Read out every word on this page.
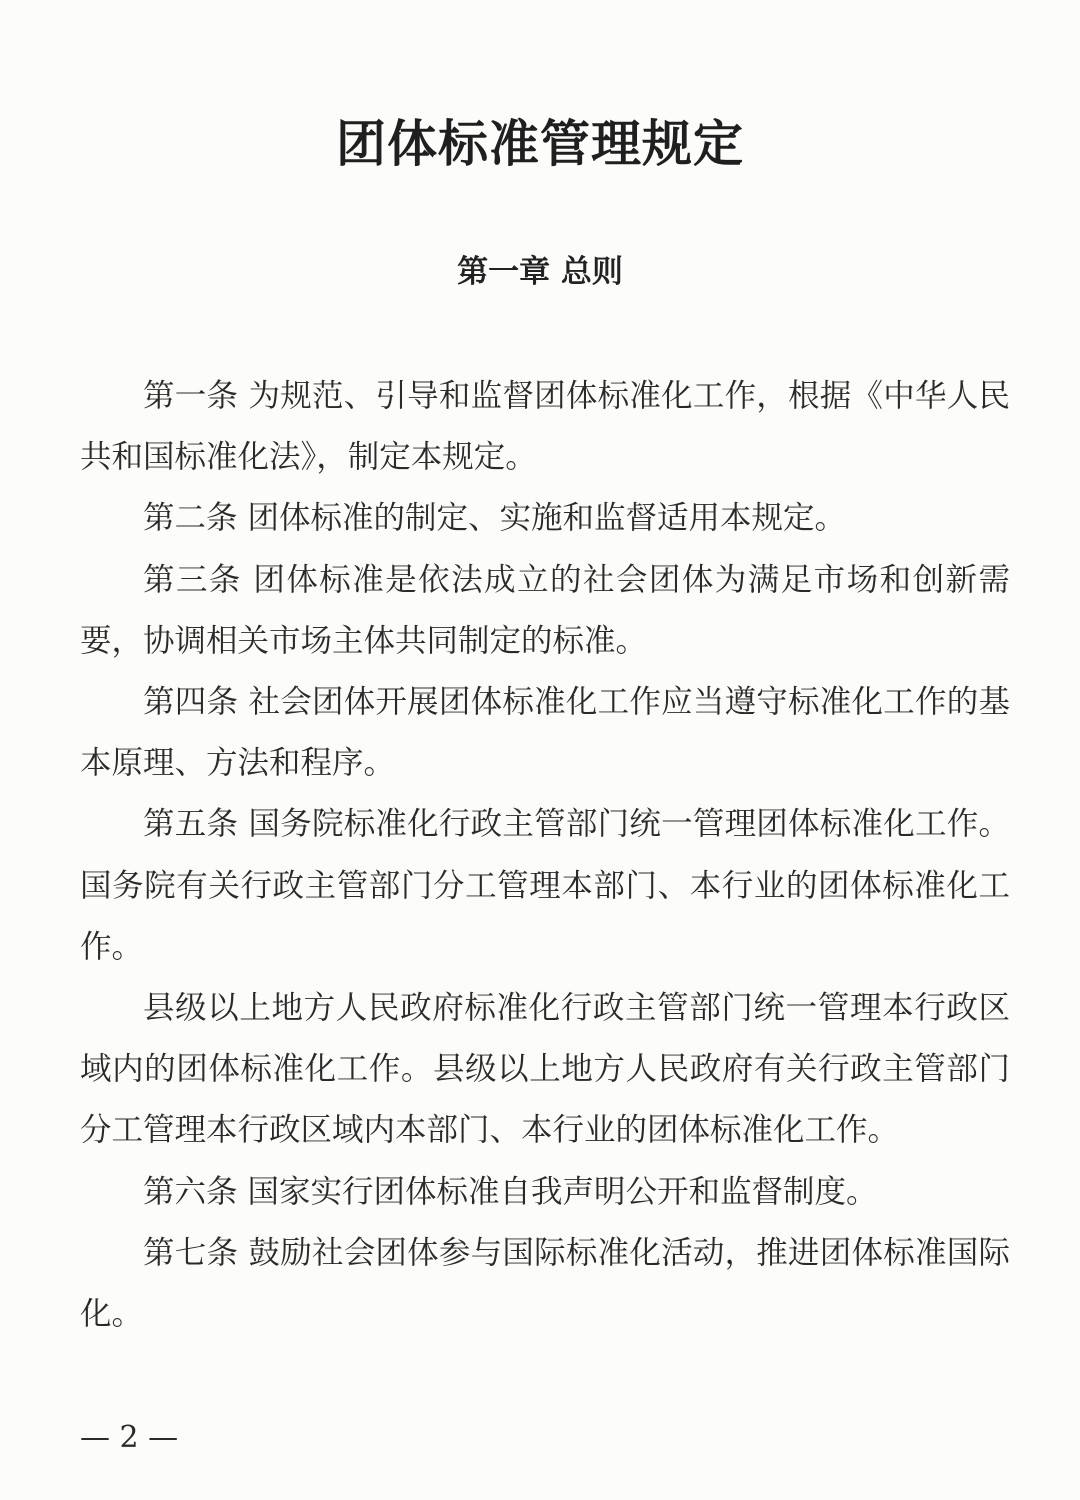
团体标准管理规定
第一章 总则

第一条 为规范、引导和监督团体标准化工作，根据《中华人民共和国标准化法》，制定本规定。

第二条 团体标准的制定、实施和监督适用本规定。

第三条 团体标准是依法成立的社会团体为满足市场和创新需要，协调相关市场主体共同制定的标准。

第四条 社会团体开展团体标准化工作应当遵守标准化工作的基本原理、方法和程序。

第五条 国务院标准化行政主管部门统一管理团体标准化工作。国务院有关行政主管部门分工管理本部门、本行业的团体标准化工作。

县级以上地方人民政府标准化行政主管部门统一管理本行政区域内的团体标准化工作。县级以上地方人民政府有关行政主管部门分工管理本行政区域内本部门、本行业的团体标准化工作。

第六条 国家实行团体标准自我声明公开和监督制度。

第七条 鼓励社会团体参与国际标准化活动，推进团体标准国际化。

— 2 —
